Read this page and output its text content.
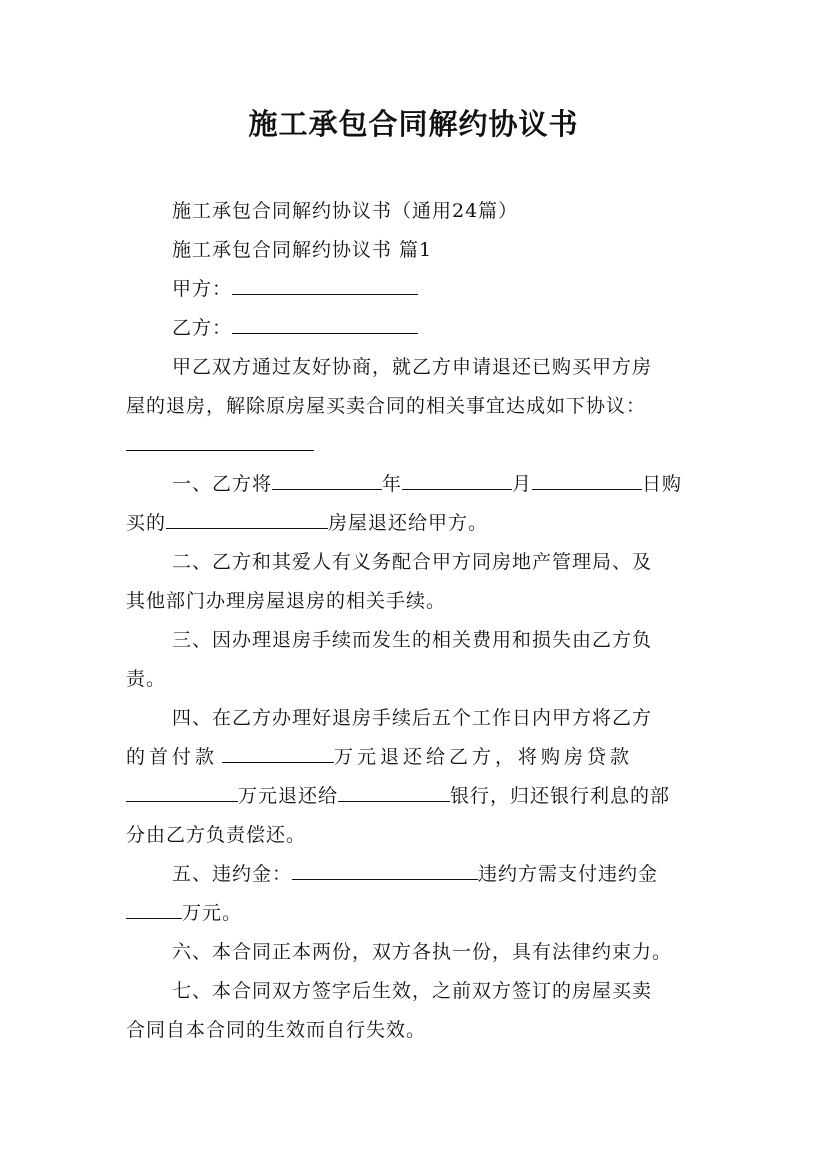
施工承包合同解约协议书
施工承包合同解约协议书（通用24篇）
施工承包合同解约协议书 篇1
甲方：
乙方：
甲乙双方通过友好协商，就乙方申请退还已购买甲方房
屋的退房，解除原房屋买卖合同的相关事宜达成如下协议：
一、乙方将	年	月	日购
买的	房屋退还给甲方。
二、乙方和其爱人有义务配合甲方同房地产管理局、及
其他部门办理房屋退房的相关手续。
三、因办理退房手续而发生的相关费用和损失由乙方负
责。
四、在乙方办理好退房手续后五个工作日内甲方将乙方
的首付款	万元退还给乙方，将购房贷款
万元退还给	银行，归还银行利息的部
分由乙方负责偿还。
五、违约金：	违约方需支付违约金
万元。
六、本合同正本两份，双方各执一份，具有法律约束力。
七、本合同双方签字后生效，之前双方签订的房屋买卖
合同自本合同的生效而自行失效。
